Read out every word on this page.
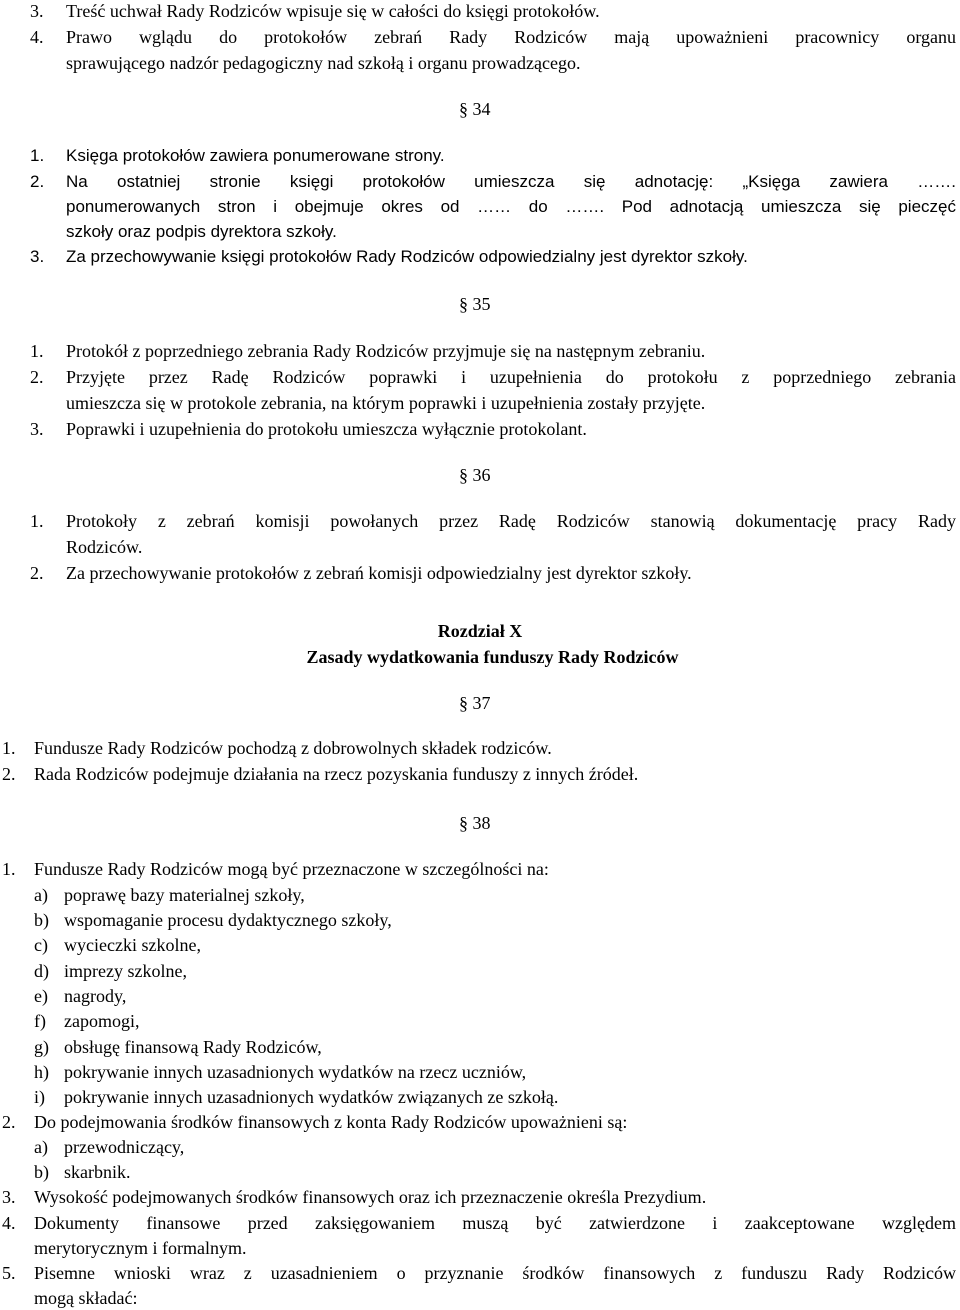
3. Treść uchwał Rady Rodziców wpisuje się w całości do księgi protokołów.
4. Prawo wglądu do protokołów zebrań Rady Rodziców mają upoważnieni pracownicy organu
sprawującego nadzór pedagogiczny nad szkołą i organu prowadzącego.
§ 34
1. Księga protokołów zawiera ponumerowane strony.
2. Na ostatniej stronie księgi protokołów umieszcza się adnotację: „Księga zawiera …….
ponumerowanych stron i obejmuje okres od …… do ……. Pod adnotacją umieszcza się pieczęć
szkoły oraz podpis dyrektora szkoły.
3. Za przechowywanie księgi protokołów Rady Rodziców odpowiedzialny jest dyrektor szkoły.
§ 35
1. Protokół z poprzedniego zebrania Rady Rodziców przyjmuje się na następnym zebraniu.
2. Przyjęte przez Radę Rodziców poprawki i uzupełnienia do protokołu z poprzedniego zebrania
umieszcza się w protokole zebrania, na którym poprawki i uzupełnienia zostały przyjęte.
3. Poprawki i uzupełnienia do protokołu umieszcza wyłącznie protokolant.
§ 36
1. Protokoły z zebrań komisji powołanych przez Radę Rodziców stanowią dokumentację pracy Rady
Rodziców.
2. Za przechowywanie protokołów z zebrań komisji odpowiedzialny jest dyrektor szkoły.
Rozdział X
Zasady wydatkowania funduszy Rady Rodziców
§ 37
1. Fundusze Rady Rodziców pochodzą z dobrowolnych składek rodziców.
2. Rada Rodziców podejmuje działania na rzecz pozyskania funduszy z innych źródeł.
§ 38
1. Fundusze Rady Rodziców mogą być przeznaczone w szczególności na:
a) poprawę bazy materialnej szkoły,
b) wspomaganie procesu dydaktycznego szkoły,
c) wycieczki szkolne,
d) imprezy szkolne,
e) nagrody,
f) zapomogi,
g) obsługę finansową Rady Rodziców,
h) pokrywanie innych uzasadnionych wydatków na rzecz uczniów,
i) pokrywanie innych uzasadnionych wydatków związanych ze szkołą.
2. Do podejmowania środków finansowych z konta Rady Rodziców upoważnieni są:
a) przewodniczący,
b) skarbnik.
3. Wysokość podejmowanych środków finansowych oraz ich przeznaczenie określa Prezydium.
4. Dokumenty finansowe przed zaksięgowaniem muszą być zatwierdzone i zaakceptowane względem
merytorycznym i formalnym.
5. Pisemne wnioski wraz z uzasadnieniem o przyznanie środków finansowych z funduszu Rady Rodziców
mogą składać:
